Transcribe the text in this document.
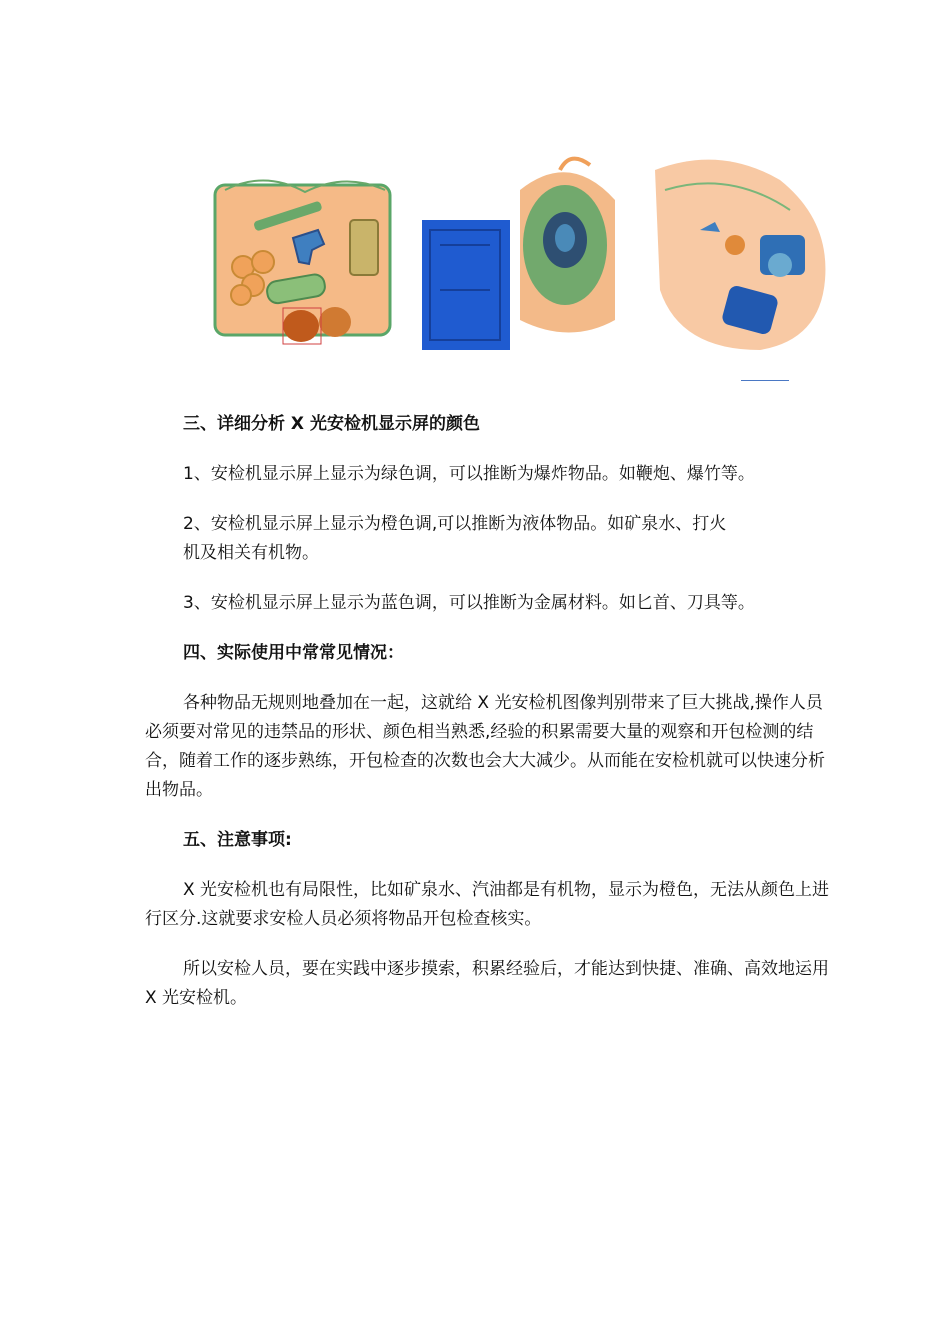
三、详细分析 X 光安检机显示屏的颜色

1、安检机显示屏上显示为绿色调，可以推断为爆炸物品。如鞭炮、爆竹等。

2、安检机显示屏上显示为橙色调,可以推断为液体物品。如矿泉水、打火

机及相关有机物。

3、安检机显示屏上显示为蓝色调，可以推断为金属材料。如匕首、刀具等。

四、实际使用中常常见情况：

各种物品无规则地叠加在一起，这就给 X 光安检机图像判别带来了巨大挑战,操作人员必须要对常见的违禁品的形状、颜色相当熟悉,经验的积累需要大量的观察和开包检测的结合，随着工作的逐步熟练，开包检查的次数也会大大减少。从而能在安检机就可以快速分析出物品。

五、注意事项:

X 光安检机也有局限性，比如矿泉水、汽油都是有机物，显示为橙色，无法从颜色上进行区分.这就要求安检人员必须将物品开包检查核实。

所以安检人员，要在实践中逐步摸索，积累经验后，才能达到快捷、准确、高效地运用 X 光安检机。
